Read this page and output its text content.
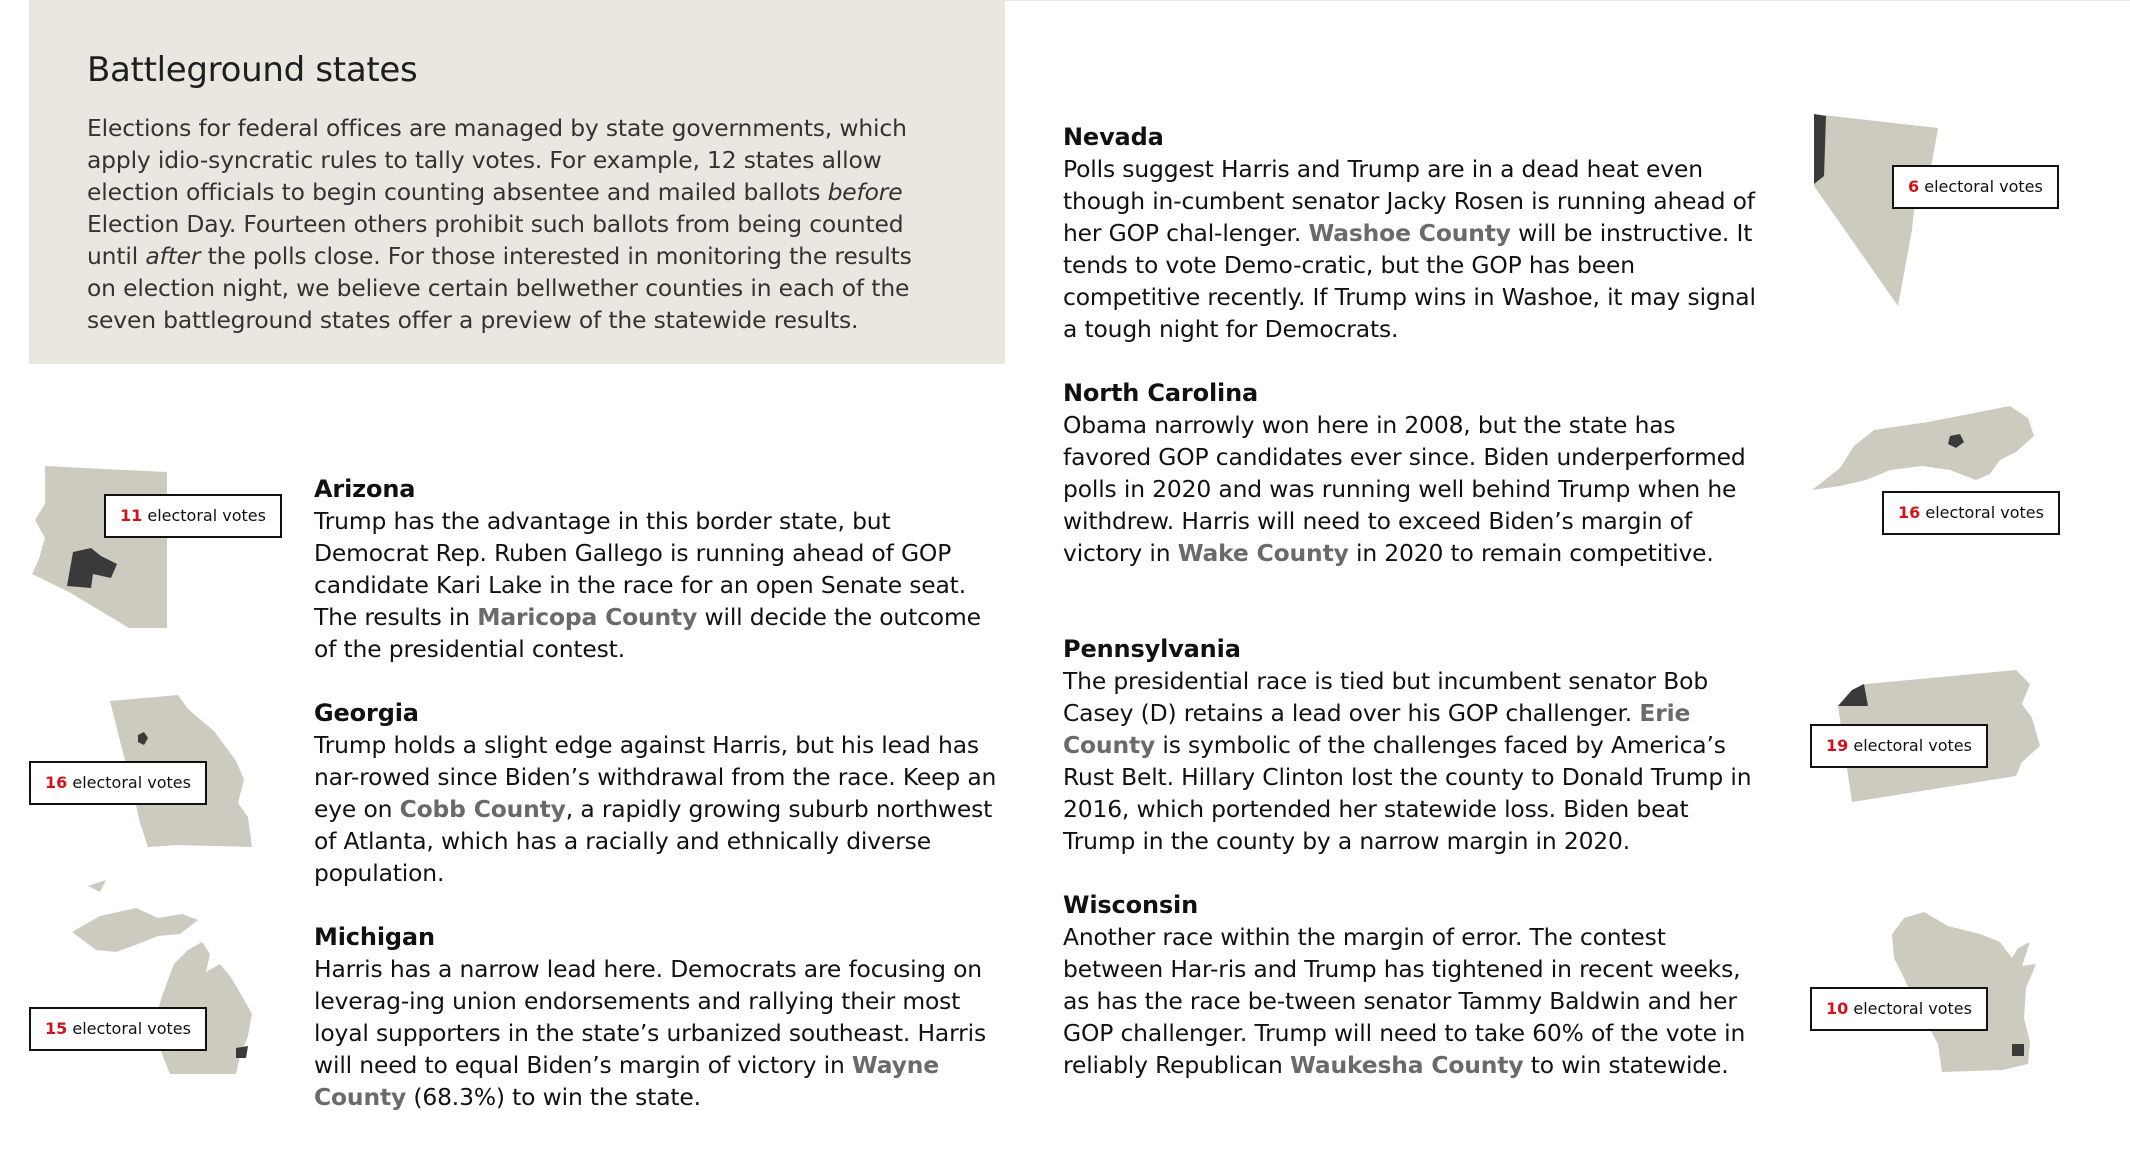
Battleground states

Elections for federal offices are managed by state governments, which apply idio-syncratic rules to tally votes. For example, 12 states allow election officials to begin counting absentee and mailed ballots before Election Day. Fourteen others prohibit such ballots from being counted until after the polls close. For those interested in monitoring the results on election night, we believe certain bellwether counties in each of the seven battleground states offer a preview of the statewide results.

11 electoral votes
Arizona

Trump has the advantage in this border state, but Democrat Rep. Ruben Gallego is running ahead of GOP candidate Kari Lake in the race for an open Senate seat. The results in Maricopa County will decide the outcome of the presidential contest.

16 electoral votes
Georgia

Trump holds a slight edge against Harris, but his lead has nar-rowed since Biden’s withdrawal from the race. Keep an eye on Cobb County, a rapidly growing suburb northwest of Atlanta, which has a racially and ethnically diverse population.

15 electoral votes
Michigan

Harris has a narrow lead here. Democrats are focusing on leverag-ing union endorsements and rallying their most loyal supporters in the state’s urbanized southeast. Harris will need to equal Biden’s margin of victory in Wayne County (68.3%) to win the state.

6 electoral votes
Nevada

Polls suggest Harris and Trump are in a dead heat even though in-cumbent senator Jacky Rosen is running ahead of her GOP chal-lenger. Washoe County will be instructive. It tends to vote Demo-cratic, but the GOP has been competitive recently. If Trump wins in Washoe, it may signal a tough night for Democrats.

16 electoral votes
North Carolina

Obama narrowly won here in 2008, but the state has favored GOP candidates ever since. Biden underperformed polls in 2020 and was running well behind Trump when he withdrew. Harris will need to exceed Biden’s margin of victory in Wake County in 2020 to remain competitive.

19 electoral votes
Pennsylvania

The presidential race is tied but incumbent senator Bob Casey (D) retains a lead over his GOP challenger. Erie County is symbolic of the challenges faced by America’s Rust Belt. Hillary Clinton lost the county to Donald Trump in 2016, which portended her statewide loss. Biden beat Trump in the county by a narrow margin in 2020.

10 electoral votes
Wisconsin

Another race within the margin of error. The contest between Har-ris and Trump has tightened in recent weeks, as has the race be-tween senator Tammy Baldwin and her GOP challenger. Trump will need to take 60% of the vote in reliably Republican Waukesha County to win statewide.
